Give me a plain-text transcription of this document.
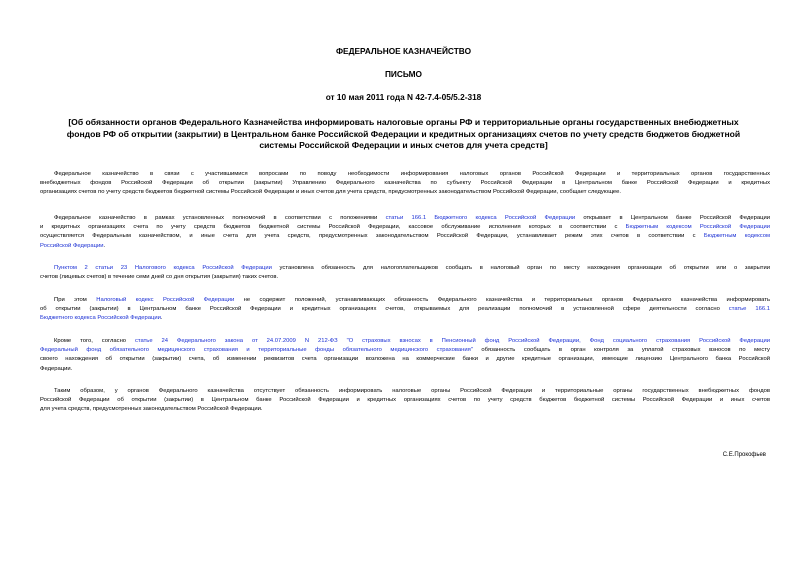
ФЕДЕРАЛЬНОЕ КАЗНАЧЕЙСТВО
ПИСЬМО
от 10 мая 2011 года N 42-7.4-05/5.2-318
[Об обязанности органов Федерального Казначейства информировать налоговые органы РФ и территориальные органы государственных внебюджетных
фондов РФ об открытии (закрытии) в Центральном банке Российской Федерации и кредитных организациях счетов по учету средств бюджетов бюджетной
системы Российской Федерации и иных счетов для учета средств]
Федеральное казначейство в связи с участившимися вопросами по поводу необходимости информирования налоговых органов Российской Федерации и территориальных органов государственных
внебюджетных фондов Российской Федерации об открытии (закрытии) Управлению Федерального казначейства по субъекту Российской Федерации в Центральном банке Российской Федерации и кредитных
организациях счетов по учету средств бюджетов бюджетной системы Российской Федерации и иных счетов для учета средств, предусмотренных законодательством Российской Федерации, сообщает следующее.
Федеральное казначейство в рамках установленных полномочий в соответствии с положениями статьи 166.1 Бюджетного кодекса Российской Федерации открывает в Центральном банке Российской Федерации
и кредитных организациях счета по учету средств бюджетов бюджетной системы Российской Федерации, кассовое обслуживание исполнения которых в соответствии с Бюджетным кодексом Российской Федерации
осуществляется Федеральным казначейством, и иные счета для учета средств, предусмотренных законодательством Российской Федерации, устанавливает режим этих счетов в соответствии с Бюджетным кодексом
Российской Федерации.
Пунктом 2 статьи 23 Налогового кодекса Российской Федерации установлена обязанность для налогоплательщиков сообщать в налоговый орган по месту нахождения организации об открытии или о закрытии
счетов (лицевых счетов) в течение семи дней со дня открытия (закрытия) таких счетов.
При этом Налоговый кодекс Российской Федерации не содержит положений, устанавливающих обязанность Федерального казначейства и территориальных органов Федерального казначейства информировать
об открытии (закрытии) в Центральном банке Российской Федерации и кредитных организациях счетов, открываемых для реализации полномочий в установленной сфере деятельности согласно статье 166.1
Бюджетного кодекса Российской Федерации.
Кроме того, согласно статье 24 Федерального закона от 24.07.2009 N 212-ФЗ "О страховых взносах в Пенсионный фонд Российской Федерации, Фонд социального страхования Российской Федерации
Федеральный фонд обязательного медицинского страхования и территориальные фонды обязательного медицинского страхования" обязанность сообщать в орган контроля за уплатой страховых взносов по месту
своего нахождения об открытии (закрытии) счета, об изменении реквизитов счета организации возложена на коммерческие банки и другие кредитные организации, имеющие лицензию Центрального банка Российской
Федерации.
Таким образом, у органов Федерального казначейства отсутствует обязанность информировать налоговые органы Российской Федерации и территориальные органы государственных внебюджетных фондов
Российской Федерации об открытии (закрытии) в Центральном банке Российской Федерации и кредитных организациях счетов по учету средств бюджетов бюджетной системы Российской Федерации и иных счетов
для учета средств, предусмотренных законодательством Российской Федерации.
С.Е.Прокофьев
